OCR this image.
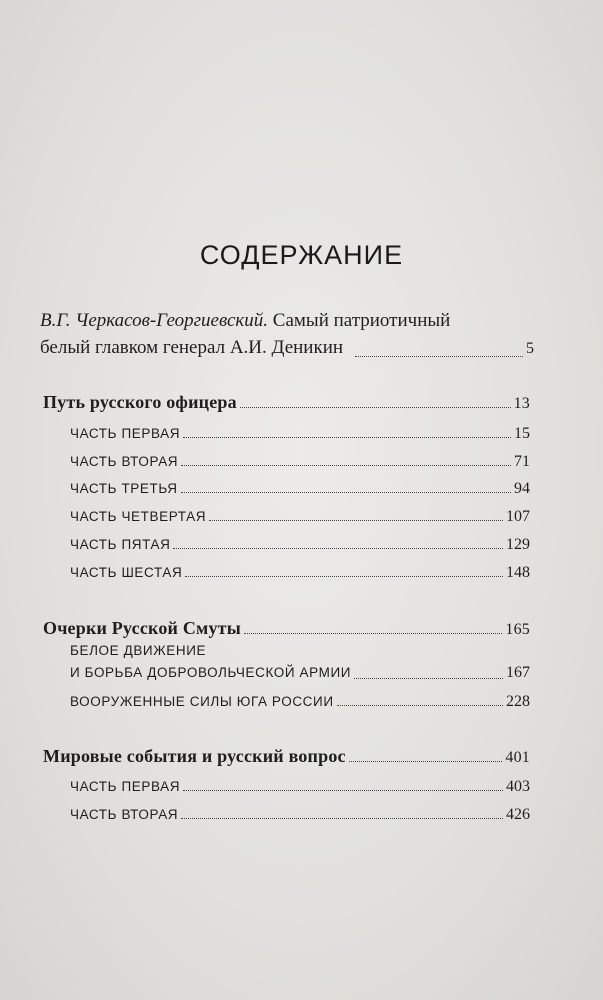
СОДЕРЖАНИЕ
В.Г. Черкасов-Георгиевский. Самый патриотичный
белый главком генерал А.И. Деникин	5
Путь русского офицера	13
ЧАСТЬ ПЕРВАЯ	15
ЧАСТЬ ВТОРАЯ	71
ЧАСТЬ ТРЕТЬЯ	94
ЧАСТЬ ЧЕТВЕРТАЯ	107
ЧАСТЬ ПЯТАЯ	129
ЧАСТЬ ШЕСТАЯ	148
Очерки Русской Смуты	165
БЕЛОЕ ДВИЖЕНИЕ
И БОРЬБА ДОБРОВОЛЬЧЕСКОЙ АРМИИ	167
ВООРУЖЕННЫЕ СИЛЫ ЮГА РОССИИ	228
Мировые события и русский вопрос	401
ЧАСТЬ ПЕРВАЯ	403
ЧАСТЬ ВТОРАЯ	426
